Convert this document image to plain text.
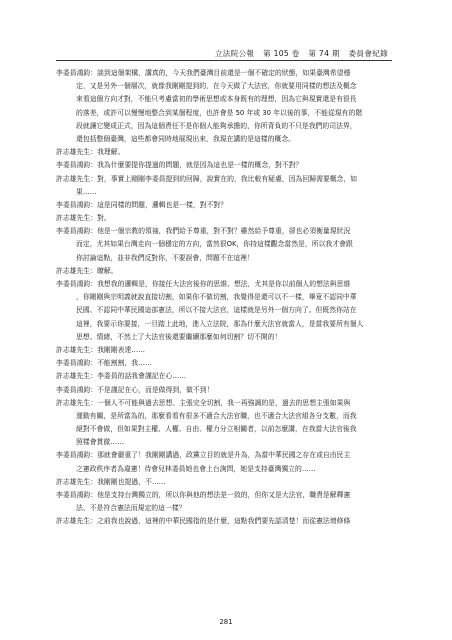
立法院公報 第 105 卷 第 74 期 委員會紀錄

李委員鴻鈞：談到這個架構，講真的，今天我們臺灣目前還是一個不確定的狀態，如果臺灣希望穩
定，又是另外一個層次，就像我剛剛提到的，在今天做了大法官，你就要用同樣的想法及概念
來看這個方向才對，不能只考慮當初的學術思想或本身既有的理想，因為它與現實還是有很長
的落差，或許可以慢慢地整合到某個程度，也許會是 50 年或 30 年以後的事，不能從現有的階
段就讓它變成正式，因為這個責任不是你個人能夠承擔的，你所背負的不只是我們的司法界，
還包括整個臺灣，這些都會同時地展現出來，我現在講的是這樣的概念。

許志雄先生：我理解。

李委員鴻鈞：我為什麼要提你提過的問題，就是因為這也是一樣的概念，對不對？

許志雄先生：對，事實上剛剛李委員提到的回歸，說實在的，我比較有疑慮，因為回歸需要概念，如
果……

李委員鴻鈞：這是同樣的問題，邏輯也是一樣，對不對？

許志雄先生：對。

李委員鴻鈞：他是一個宗教的領袖，我們給予尊重，對不對？雖然給予尊重，卻也必須衡量現狀況
而定，尤其如果台灣走向一個穩定的方向，當然很OK，你持這樣觀念當然是，所以我才會跟
你討論這點，並非我們反對你，不要誤會，問題不在這裡！

許志雄先生：瞭解。

李委員鴻鈞：我想我的邏輯是，你接任大法官後你的思維、想法，尤其是你以前個人的想法與思維
，你剛剛與宗明義就說直接切割，如果你不做切割，我覺得是還可以不一樣，畢竟不認同中華
民國、不認同中華民國這部憲法，所以不接大法官，這樣就是另外一個方向了。但既然你站在
這裡，我要示你要接，一旦踏上此地，進入立法院，那為什麼大法官就當人，是當我要所有個人
思想、情緒，不然上了大法官後還要繼續那麼如何切割？切不開的！

許志雄先生：我剛剛表達……

李委員鴻鈞：不能割割，我……

許志雄先生：李委員的話我會謹記在心……

李委員鴻鈞：不是謹記在心，而是做得到，做不到！

許志雄先生：一個人不可能與過去思想、主張完全切割，我一再強調的是，過去的思想主張如果與
運動有關，是所當為的，那麼看看有很多不適合大法官職，也不適合大法官組各分支數，而我
絕對不會做，但如果對主權、人權、自由、權力分立相關者，以前怎麼講，在我當大法官後我
照樣會貫徹……

李委員鴻鈞：那就會嚴重了！我剛剛講過，政黨立目的就是升為，為當中華民國之存在或自由民主
之憲政秩序者為違憲！待會兒林委員她也會上台詢問，她是支持臺灣獨立的……

許志雄先生：我剛剛也提過，不……

李委員鴻鈞：他是支持台灣獨立的，所以你與他的想法是一致的，但你又是大法官，職責是解釋憲
法、不是符合憲法而規定的這一樣？

許志雄先生：之前我也說過，這裡的中華民國指的是什麼，這點我們要先認清楚！而從憲法增修條

281
